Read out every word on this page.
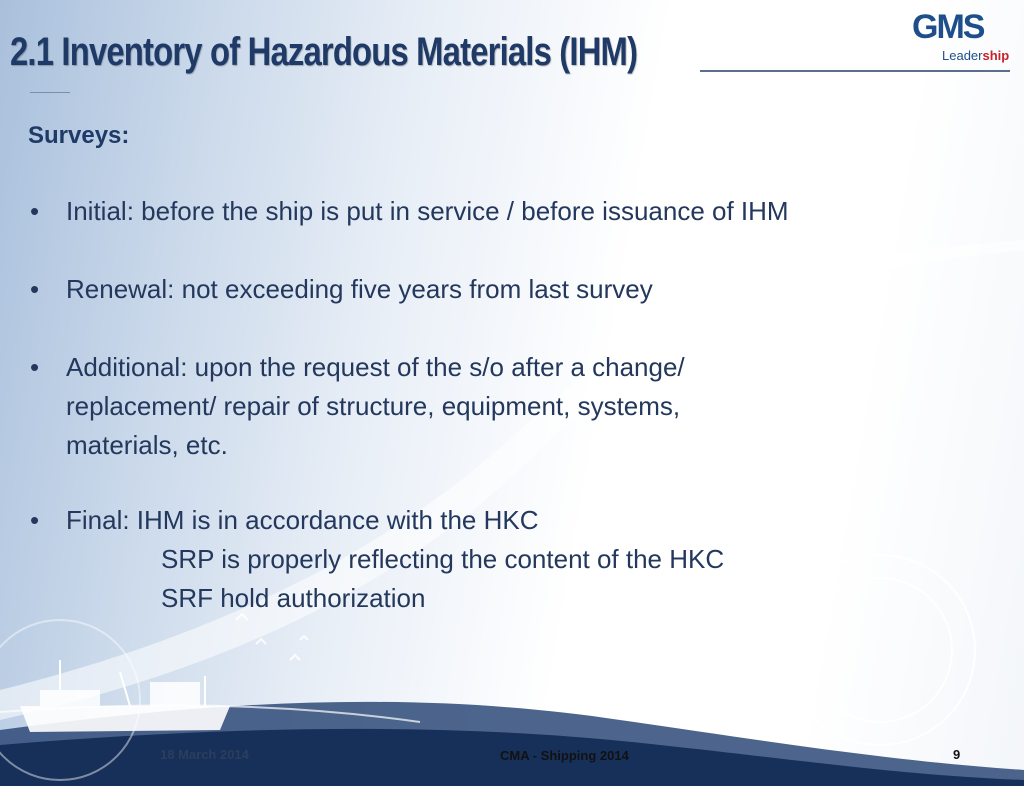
2.1 Inventory of Hazardous Materials (IHM)
GMS
Leadership
Surveys:
• Initial: before the ship is put in service / before issuance of IHM
• Renewal: not exceeding five years from last survey
• Additional: upon the request of the s/o after a change/
replacement/ repair of structure, equipment, systems,
materials, etc.
• Final: IHM is in accordance with the HKC
SRP is properly reflecting the content of the HKC
SRF hold authorization
18 March 2014	CMA - Shipping 2014	9
